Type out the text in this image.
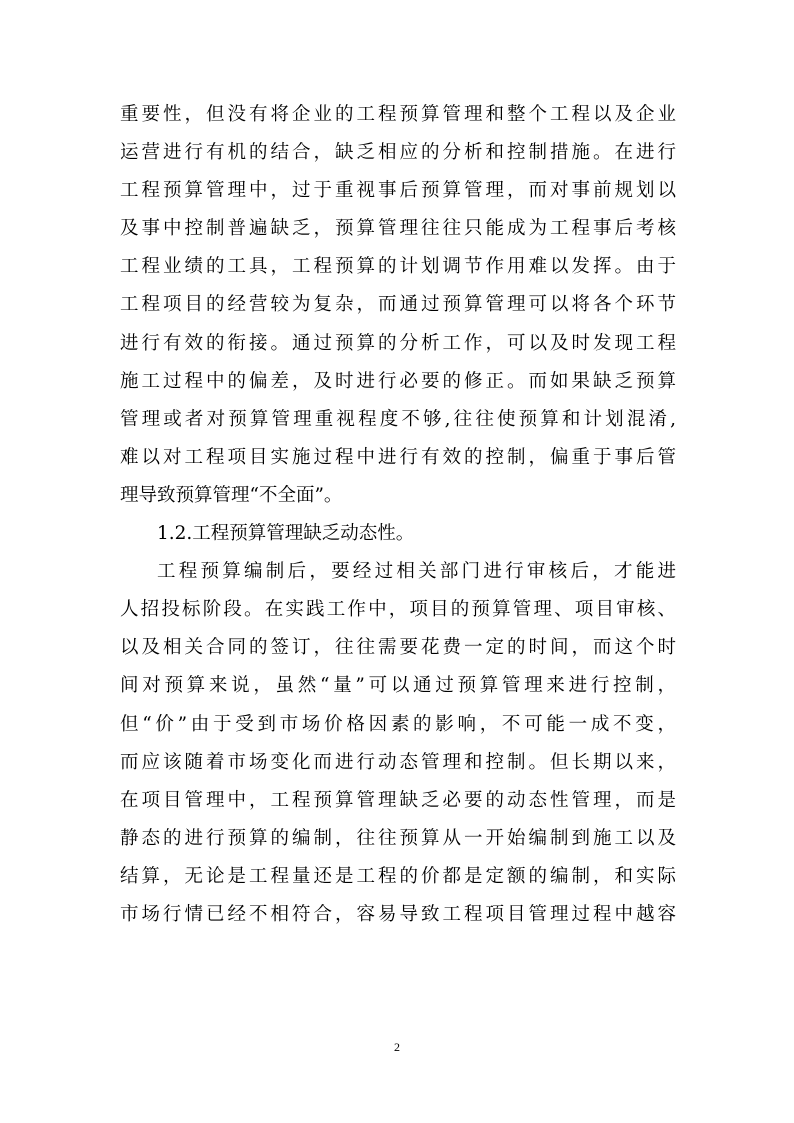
重要性，但没有将企业的工程预算管理和整个工程以及企业
运营进行有机的结合，缺乏相应的分析和控制措施。在进行
工程预算管理中，过于重视事后预算管理，而对事前规划以
及事中控制普遍缺乏，预算管理往往只能成为工程事后考核
工程业绩的工具，工程预算的计划调节作用难以发挥。由于
工程项目的经营较为复杂，而通过预算管理可以将各个环节
进行有效的衔接。通过预算的分析工作，可以及时发现工程
施工过程中的偏差，及时进行必要的修正。而如果缺乏预算
管理或者对预算管理重视程度不够,往往使预算和计划混淆,
难以对工程项目实施过程中进行有效的控制，偏重于事后管
理导致预算管理“不全面”。
1.2.工程预算管理缺乏动态性。
工程预算编制后，要经过相关部门进行审核后，才能进
人招投标阶段。在实践工作中，项目的预算管理、项目审核、
以及相关合同的签订，往往需要花费一定的时间，而这个时
间对预算来说，虽然“量”可以通过预算管理来进行控制，
但“价”由于受到市场价格因素的影响，不可能一成不变，
而应该随着市场变化而进行动态管理和控制。但长期以来，
在项目管理中，工程预算管理缺乏必要的动态性管理，而是
静态的进行预算的编制，往往预算从一开始编制到施工以及
结算，无论是工程量还是工程的价都是定额的编制，和实际
市场行情已经不相符合，容易导致工程项目管理过程中越容
2
